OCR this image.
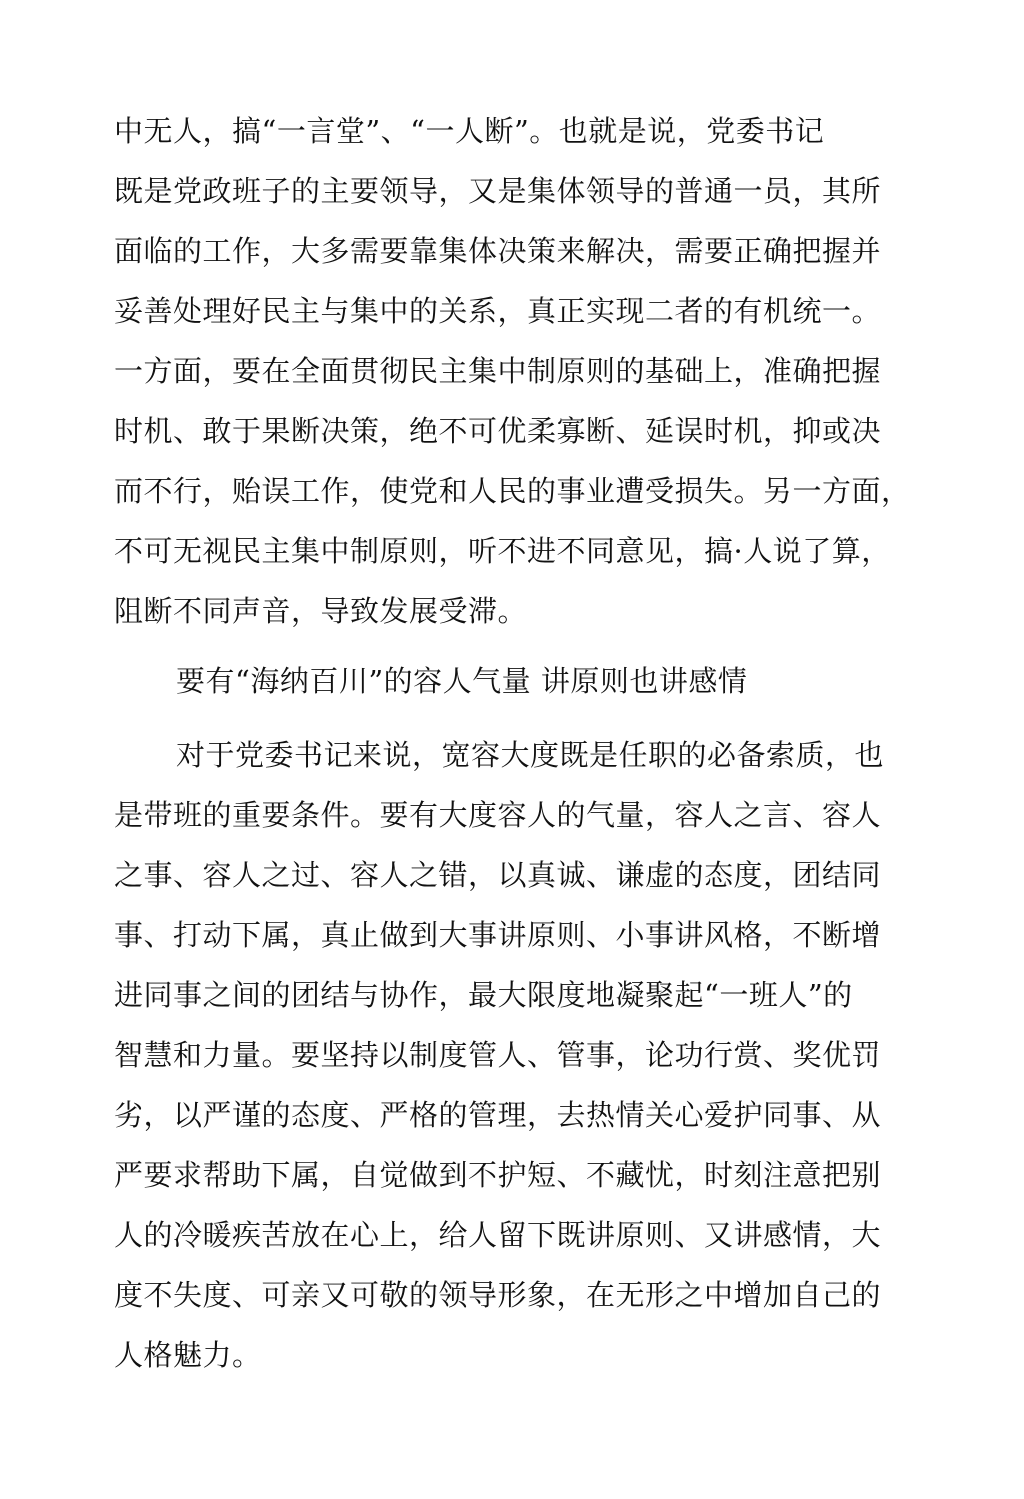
中无人，搞“一言堂”、“一人断”。也就是说，党委书记
既是党政班子的主要领导，又是集体领导的普通一员，其所
面临的工作，大多需要靠集体决策来解决，需要正确把握并
妥善处理好民主与集中的关系，真正实现二者的有机统一。
一方面，要在全面贯彻民主集中制原则的基础上，准确把握
时机、敢于果断决策，绝不可优柔寡断、延误时机，抑或决
而不行，贻误工作，使党和人民的事业遭受损失。另一方面，
不可无视民主集中制原则，听不进不同意见，搞·人说了算，
阻断不同声音，导致发展受滞。
要有“海纳百川”的容人气量 讲原则也讲感情
对于党委书记来说，宽容大度既是任职的必备索质，也
是带班的重要条件。要有大度容人的气量，容人之言、容人
之事、容人之过、容人之错，以真诚、谦虚的态度，团结同
事、打动下属，真止做到大事讲原则、小事讲风格，不断增
进同事之间的团结与协作，最大限度地凝聚起“一班人”的
智慧和力量。要坚持以制度管人、管事，论功行赏、奖优罚
劣，以严谨的态度、严格的管理，去热情关心爱护同事、从
严要求帮助下属，自觉做到不护短、不藏忧，时刻注意把别
人的冷暖疾苦放在心上，给人留下既讲原则、又讲感情，大
度不失度、可亲又可敬的领导形象，在无形之中增加自己的
人格魅力。
